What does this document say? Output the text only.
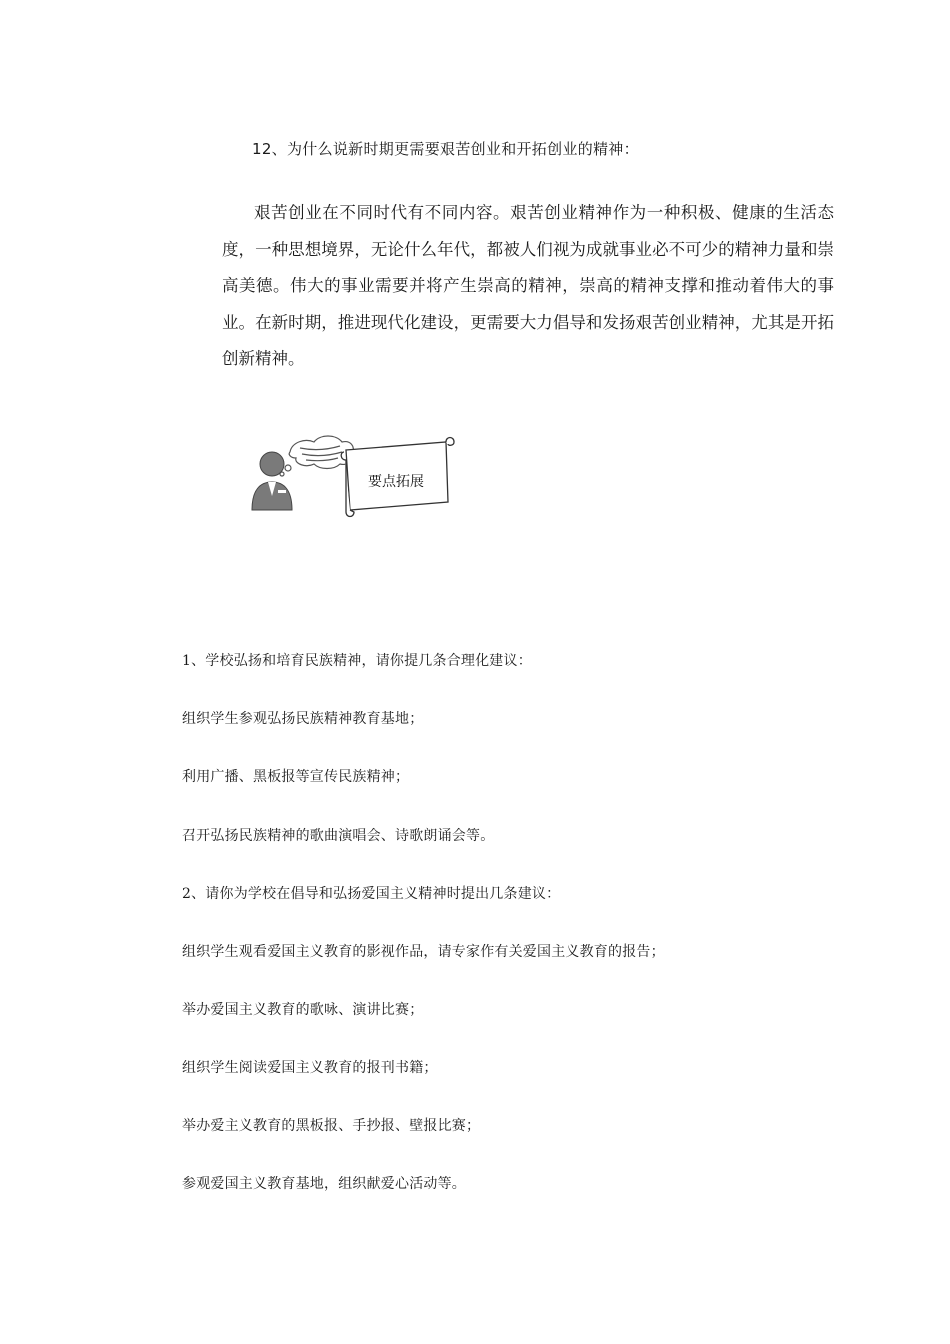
12、为什么说新时期更需要艰苦创业和开拓创业的精神：

艰苦创业在不同时代有不同内容。艰苦创业精神作为一种积极、健康的生活态度，一种思想境界，无论什么年代，都被人们视为成就事业必不可少的精神力量和崇高美德。伟大的事业需要并将产生崇高的精神，崇高的精神支撑和推动着伟大的事业。在新时期，推进现代化建设，更需要大力倡导和发扬艰苦创业精神，尤其是开拓创新精神。

要点拓展
1、学校弘扬和培育民族精神，请你提几条合理化建议：
组织学生参观弘扬民族精神教育基地；
利用广播、黑板报等宣传民族精神；
召开弘扬民族精神的歌曲演唱会、诗歌朗诵会等。
2、请你为学校在倡导和弘扬爱国主义精神时提出几条建议：
组织学生观看爱国主义教育的影视作品，请专家作有关爱国主义教育的报告；
举办爱国主义教育的歌咏、演讲比赛；
组织学生阅读爱国主义教育的报刊书籍；
举办爱主义教育的黑板报、手抄报、壁报比赛；
参观爱国主义教育基地，组织献爱心活动等。
